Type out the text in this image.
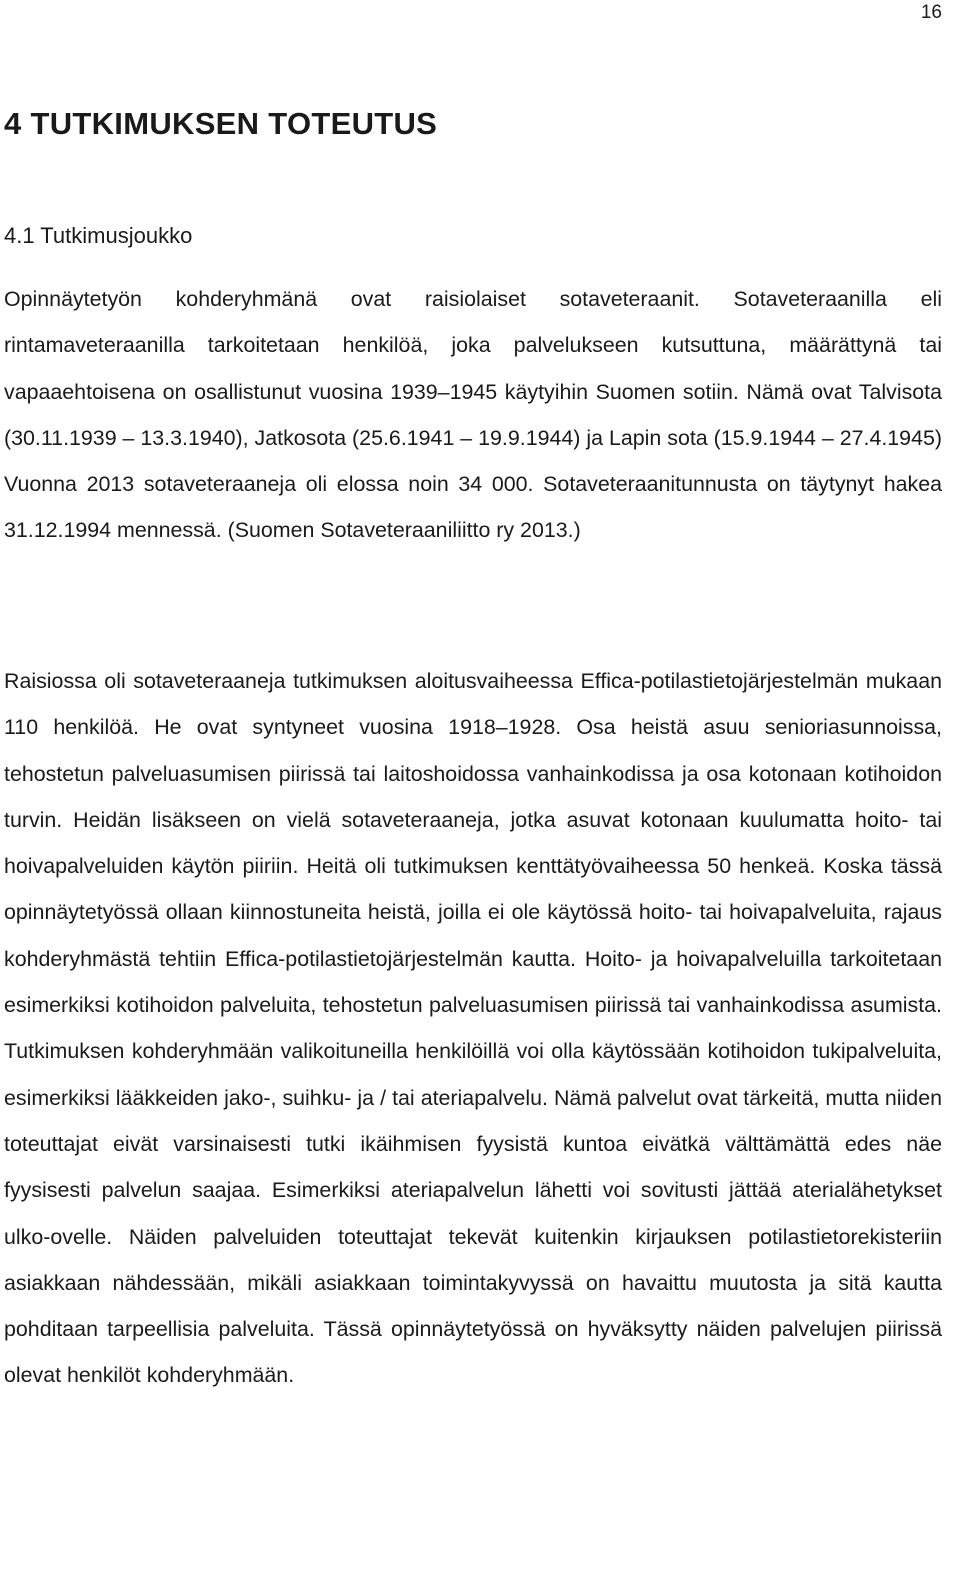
16
4 TUTKIMUKSEN TOTEUTUS
4.1 Tutkimusjoukko

Opinnäytetyön kohderyhmänä ovat raisiolaiset sotaveteraanit. Sotaveteraanilla eli rintamaveteraanilla tarkoitetaan henkilöä, joka palvelukseen kutsuttuna, määrättynä tai vapaaehtoisena on osallistunut vuosina 1939–1945 käytyihin Suomen sotiin. Nämä ovat Talvisota (30.11.1939 ‒ 13.3.1940), Jatkosota (25.6.1941 ‒ 19.9.1944) ja Lapin sota (15.9.1944 ‒ 27.4.1945) Vuonna 2013 sotaveteraaneja oli elossa noin 34 000. Sotaveteraanitunnusta on täytynyt hakea 31.12.1994 mennessä. (Suomen Sotaveteraaniliitto ry 2013.)

Raisiossa oli sotaveteraaneja tutkimuksen aloitusvaiheessa Effica-potilastietojärjestelmän mukaan 110 henkilöä. He ovat syntyneet vuosina 1918–1928. Osa heistä asuu senioriasunnoissa, tehostetun palveluasumisen piirissä tai laitoshoidossa vanhainkodissa ja osa kotonaan kotihoidon turvin. Heidän lisäkseen on vielä sotaveteraaneja, jotka asuvat kotonaan kuulumatta hoito- tai hoivapalveluiden käytön piiriin. Heitä oli tutkimuksen kenttätyövaiheessa 50 henkeä. Koska tässä opinnäytetyössä ollaan kiinnostuneita heistä, joilla ei ole käytössä hoito- tai hoivapalveluita, rajaus kohderyhmästä tehtiin Effica-potilastietojärjestelmän kautta. Hoito- ja hoivapalveluilla tarkoitetaan esimerkiksi kotihoidon palveluita, tehostetun palveluasumisen piirissä tai vanhainkodissa asumista. Tutkimuksen kohderyhmään valikoituneilla henkilöillä voi olla käytössään kotihoidon tukipalveluita, esimerkiksi lääkkeiden jako-, suihku- ja / tai ateriapalvelu. Nämä palvelut ovat tärkeitä, mutta niiden toteuttajat eivät varsinaisesti tutki ikäihmisen fyysistä kuntoa eivätkä välttämättä edes näe fyysisesti palvelun saajaa. Esimerkiksi ateriapalvelun lähetti voi sovitusti jättää aterialähetykset ulko-ovelle. Näiden palveluiden toteuttajat tekevät kuitenkin kirjauksen potilastietorekisteriin asiakkaan nähdessään, mikäli asiakkaan toimintakyvyssä on havaittu muutosta ja sitä kautta pohditaan tarpeellisia palveluita. Tässä opinnäytetyössä on hyväksytty näiden palvelujen piirissä olevat henkilöt kohderyhmään.
